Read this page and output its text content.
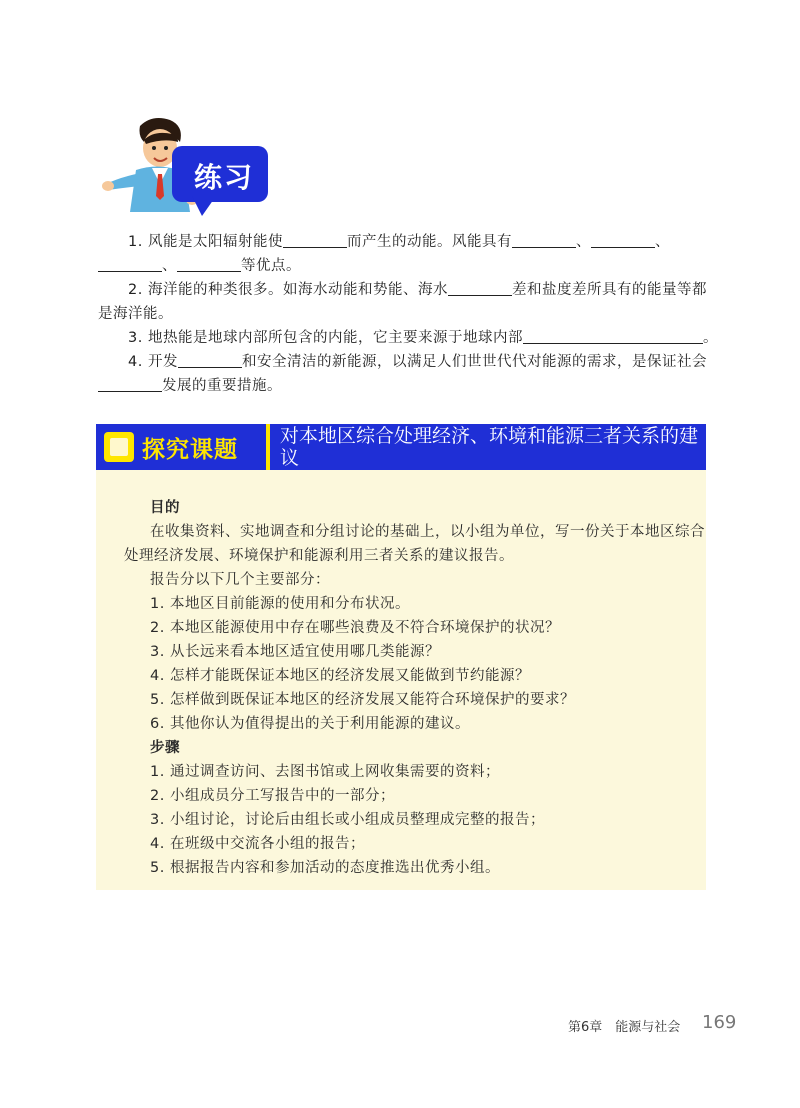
练习
1. 风能是太阳辐射能使	而产生的动能。风能具有	、	、
、	等优点。
2. 海洋能的种类很多。如海水动能和势能、海水	差和盐度差所具有的能量等都
是海洋能。
3. 地热能是地球内部所包含的内能，它主要来源于地球内部	。
4. 开发	和安全清洁的新能源，以满足人们世世代代对能源的需求，是保证社会
发展的重要措施。
探究课题
对本地区综合处理经济、环境和能源三者关系的建议
目的
在收集资料、实地调查和分组讨论的基础上，以小组为单位，写一份关于本地区综合
处理经济发展、环境保护和能源利用三者关系的建议报告。
报告分以下几个主要部分：
1. 本地区目前能源的使用和分布状况。
2. 本地区能源使用中存在哪些浪费及不符合环境保护的状况？
3. 从长远来看本地区适宜使用哪几类能源？
4. 怎样才能既保证本地区的经济发展又能做到节约能源？
5. 怎样做到既保证本地区的经济发展又能符合环境保护的要求？
6. 其他你认为值得提出的关于利用能源的建议。
步骤
1. 通过调查访问、去图书馆或上网收集需要的资料；
2. 小组成员分工写报告中的一部分；
3. 小组讨论，讨论后由组长或小组成员整理成完整的报告；
4. 在班级中交流各小组的报告；
5. 根据报告内容和参加活动的态度推选出优秀小组。
第6章　能源与社会 169
